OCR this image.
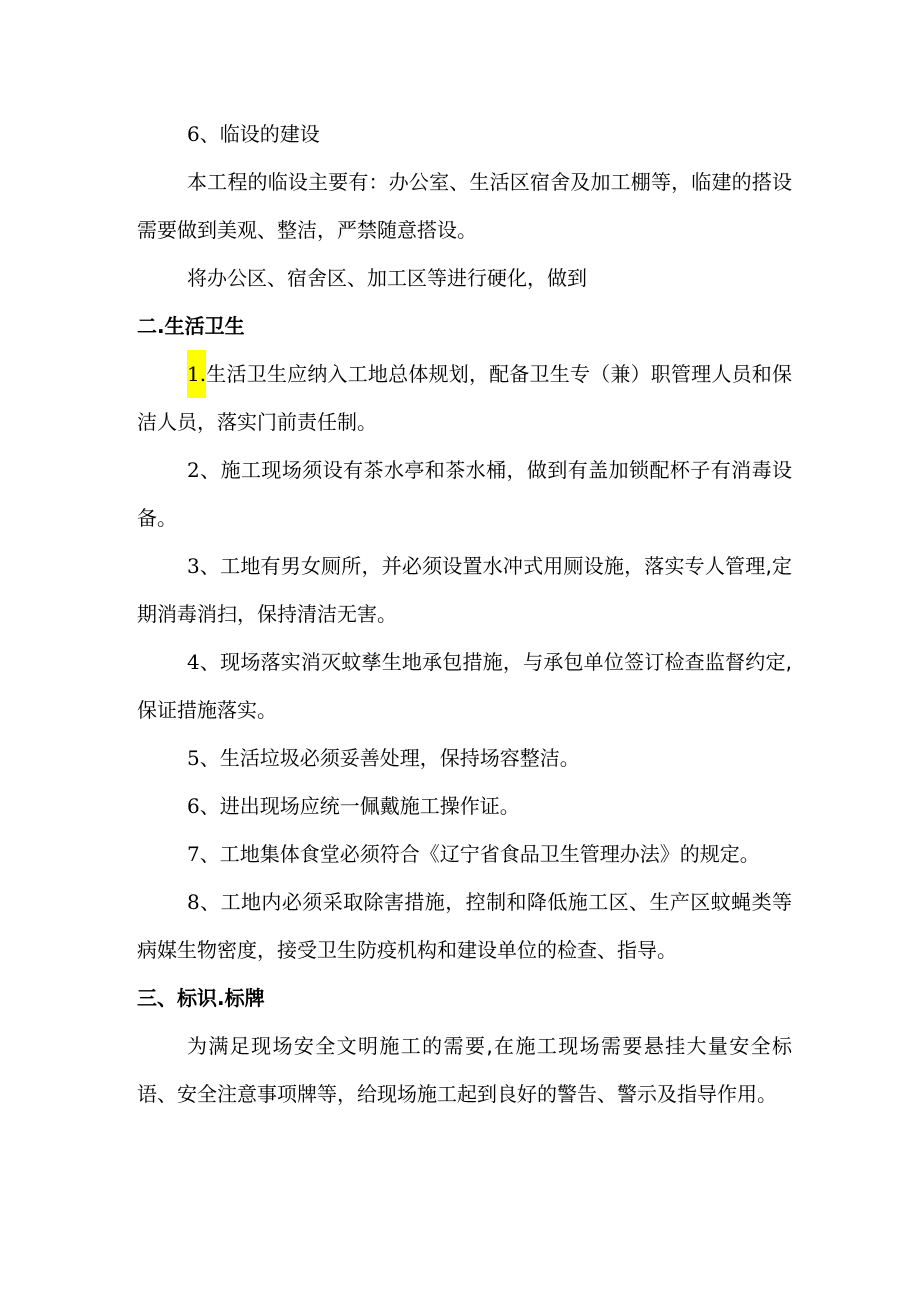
6、临设的建设

本工程的临设主要有：办公室、生活区宿舍及加工棚等，临建的搭设需要做到美观、整洁，严禁随意搭设。

将办公区、宿舍区、加工区等进行硬化，做到

二.生活卫生

1.生活卫生应纳入工地总体规划，配备卫生专（兼）职管理人员和保洁人员，落实门前责任制。

2、施工现场须设有茶水亭和茶水桶，做到有盖加锁配杯子有消毒设备。

3、工地有男女厕所，并必须设置水冲式用厕设施，落实专人管理,定期消毒消扫，保持清洁无害。

4、现场落实消灭蚊孳生地承包措施，与承包单位签订检查监督约定,保证措施落实。

5、生活垃圾必须妥善处理，保持场容整洁。

6、进出现场应统一佩戴施工操作证。

7、工地集体食堂必须符合《辽宁省食品卫生管理办法》的规定。

8、工地内必须采取除害措施，控制和降低施工区、生产区蚊蝇类等病媒生物密度，接受卫生防疫机构和建设单位的检查、指导。

三、标识.标牌

为满足现场安全文明施工的需要,在施工现场需要悬挂大量安全标语、安全注意事项牌等，给现场施工起到良好的警告、警示及指导作用。
